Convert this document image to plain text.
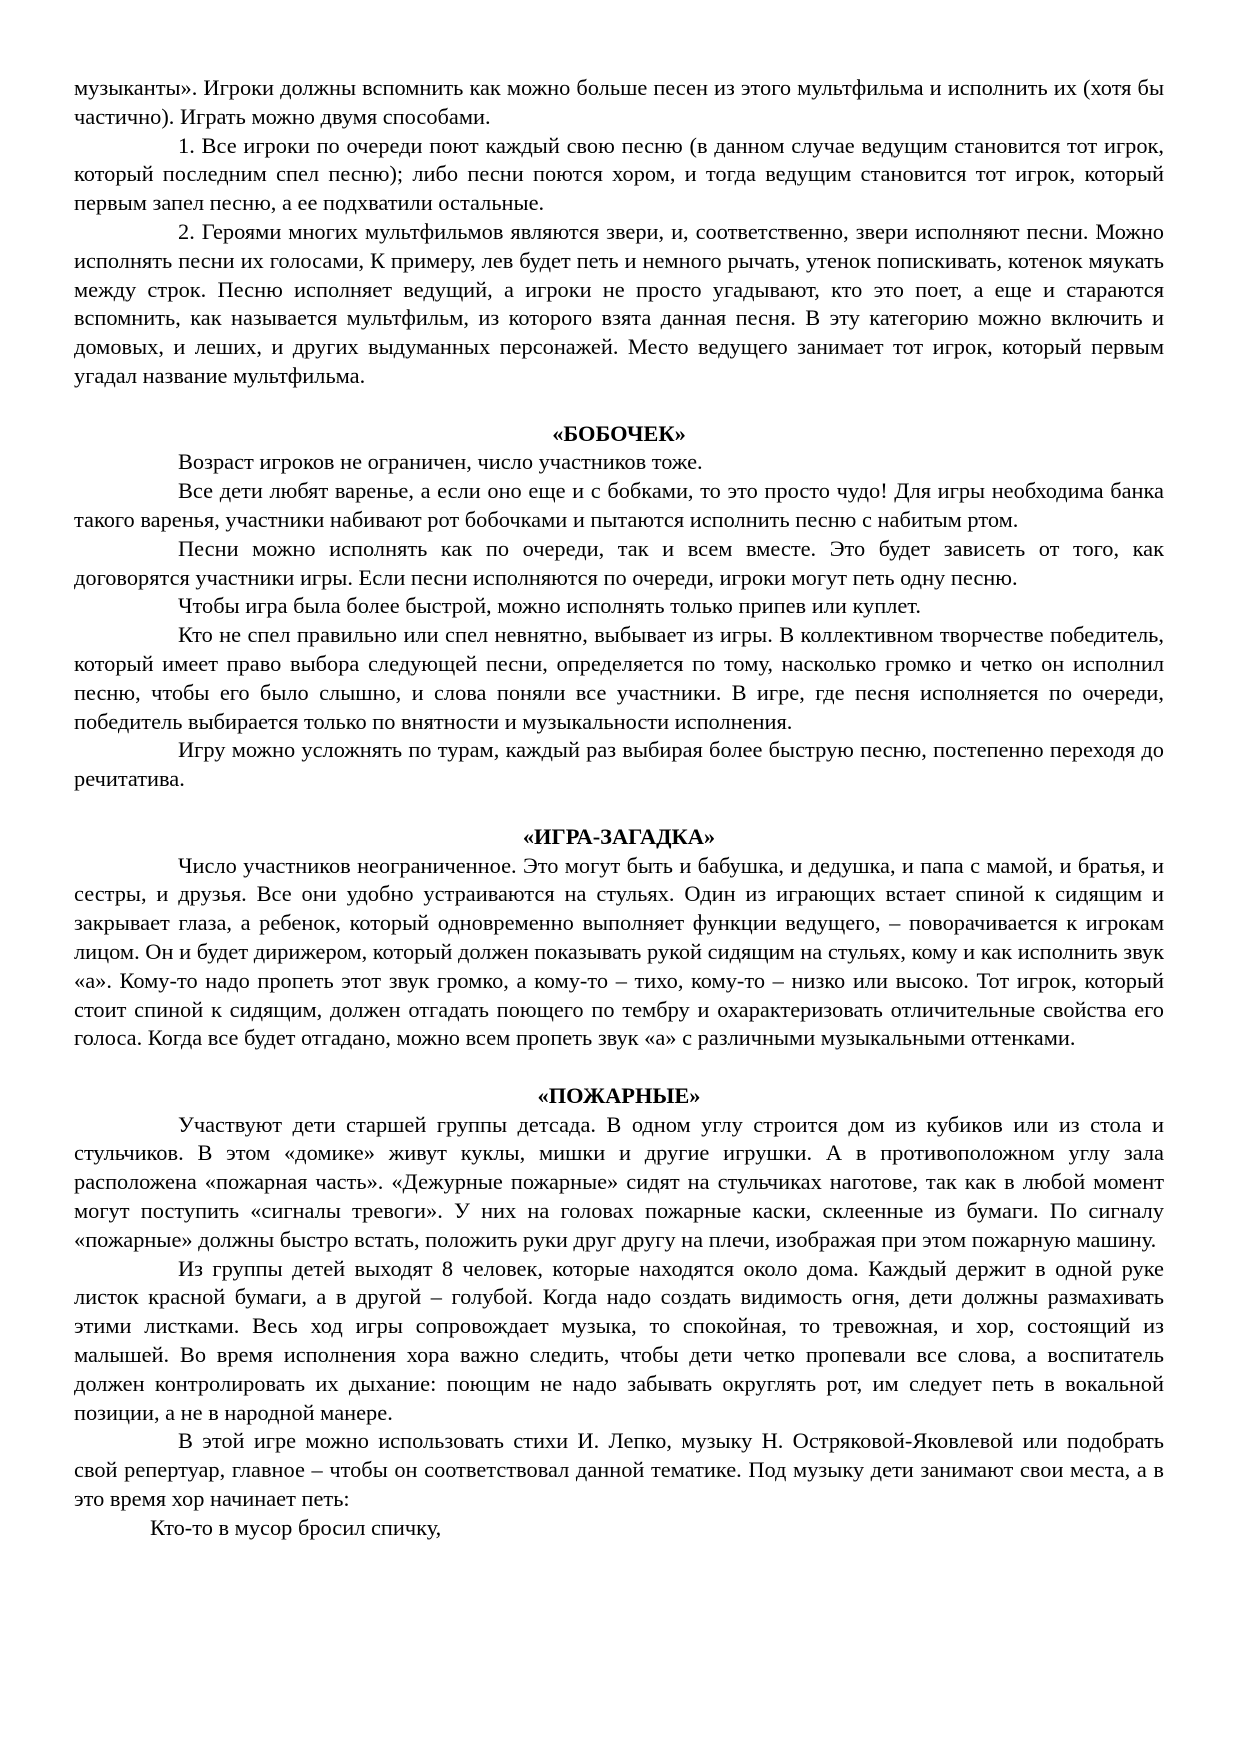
музыканты». Игроки должны вспомнить как можно больше песен из этого мультфильма и исполнить их (хотя бы частично). Играть можно двумя способами.

1. Все игроки по очереди поют каждый свою песню (в данном случае ведущим становится тот игрок, который последним спел песню); либо песни поются хором, и тогда ведущим становится тот игрок, который первым запел песню, а ее подхватили остальные.

2. Героями многих мультфильмов являются звери, и, соответственно, звери исполняют песни. Можно исполнять песни их голосами, К примеру, лев будет петь и немного рычать, утенок попискивать, котенок мяукать между строк. Песню исполняет ведущий, а игроки не просто угадывают, кто это поет, а еще и стараются вспомнить, как называется мультфильм, из которого взята данная песня. В эту категорию можно включить и домовых, и леших, и других выдуманных персонажей. Место ведущего занимает тот игрок, который первым угадал название мультфильма.

«БОБОЧЕК»

Возраст игроков не ограничен, число участников тоже.

Все дети любят варенье, а если оно еще и с бобками, то это просто чудо! Для игры необходима банка такого варенья, участники набивают рот бобочками и пытаются исполнить песню с набитым ртом.

Песни можно исполнять как по очереди, так и всем вместе. Это будет зависеть от того, как договорятся участники игры. Если песни исполняются по очереди, игроки могут петь одну песню.

Чтобы игра была более быстрой, можно исполнять только припев или куплет.

Кто не спел правильно или спел невнятно, выбывает из игры. В коллективном творчестве победитель, который имеет право выбора следующей песни, определяется по тому, насколько громко и четко он исполнил песню, чтобы его было слышно, и слова поняли все участники. В игре, где песня исполняется по очереди, победитель выбирается только по внятности и музыкальности исполнения.

Игру можно усложнять по турам, каждый раз выбирая более быструю песню, постепенно переходя до речитатива.

«ИГРА-ЗАГАДКА»

Число участников неограниченное. Это могут быть и бабушка, и дедушка, и папа с мамой, и братья, и сестры, и друзья. Все они удобно устраиваются на стульях. Один из играющих встает спиной к сидящим и закрывает глаза, а ребенок, который одновременно выполняет функции ведущего, – поворачивается к игрокам лицом. Он и будет дирижером, который должен показывать рукой сидящим на стульях, кому и как исполнить звук «а». Кому-то надо пропеть этот звук громко, а кому-то – тихо, кому-то – низко или высоко. Тот игрок, который стоит спиной к сидящим, должен отгадать поющего по тембру и охарактеризовать отличительные свойства его голоса. Когда все будет отгадано, можно всем пропеть звук «а» с различными музыкальными оттенками.

«ПОЖАРНЫЕ»

Участвуют дети старшей группы детсада. В одном углу строится дом из кубиков или из стола и стульчиков. В этом «домике» живут куклы, мишки и другие игрушки. А в противоположном углу зала расположена «пожарная часть». «Дежурные пожарные» сидят на стульчиках наготове, так как в любой момент могут поступить «сигналы тревоги». У них на головах пожарные каски, склеенные из бумаги. По сигналу «пожарные» должны быстро встать, положить руки друг другу на плечи, изображая при этом пожарную машину.

Из группы детей выходят 8 человек, которые находятся около дома. Каждый держит в одной руке листок красной бумаги, а в другой – голубой. Когда надо создать видимость огня, дети должны размахивать этими листками. Весь ход игры сопровождает музыка, то спокойная, то тревожная, и хор, состоящий из малышей. Во время исполнения хора важно следить, чтобы дети четко пропевали все слова, а воспитатель должен контролировать их дыхание: поющим не надо забывать округлять рот, им следует петь в вокальной позиции, а не в народной манере.

В этой игре можно использовать стихи И. Лепко, музыку Н. Остряковой-Яковлевой или подобрать свой репертуар, главное – чтобы он соответствовал данной тематике. Под музыку дети занимают свои места, а в это время хор начинает петь:

Кто-то в мусор бросил спичку,
